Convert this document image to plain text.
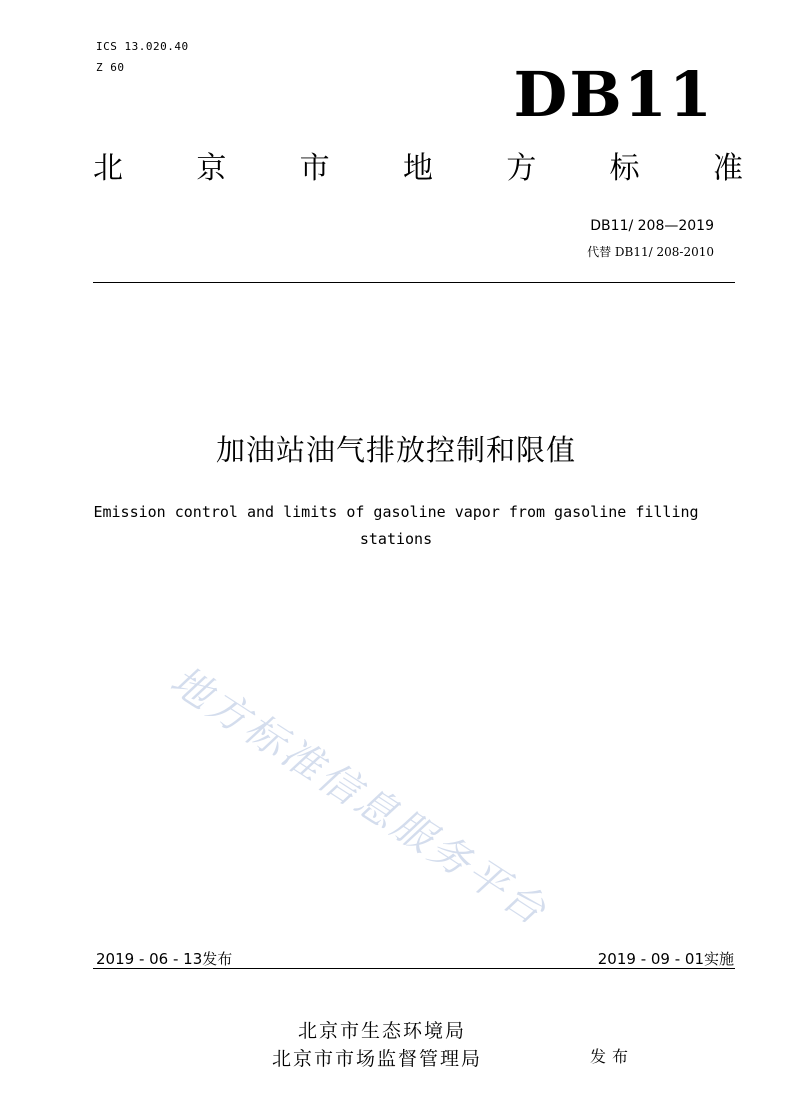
ICS 13.020.40
Z 60	DB11
北 京 市 地 方 标 准
DB11/ 208—2019
代替 DB11/ 208-2010
加油站油气排放控制和限值
Emission control and limits of gasoline vapor from gasoline filling stations
地方标准信息服务平台
2019 - 06 - 13发布	2019 - 09 - 01实施
北京市生态环境局
北京市市场监督管理局	发布
